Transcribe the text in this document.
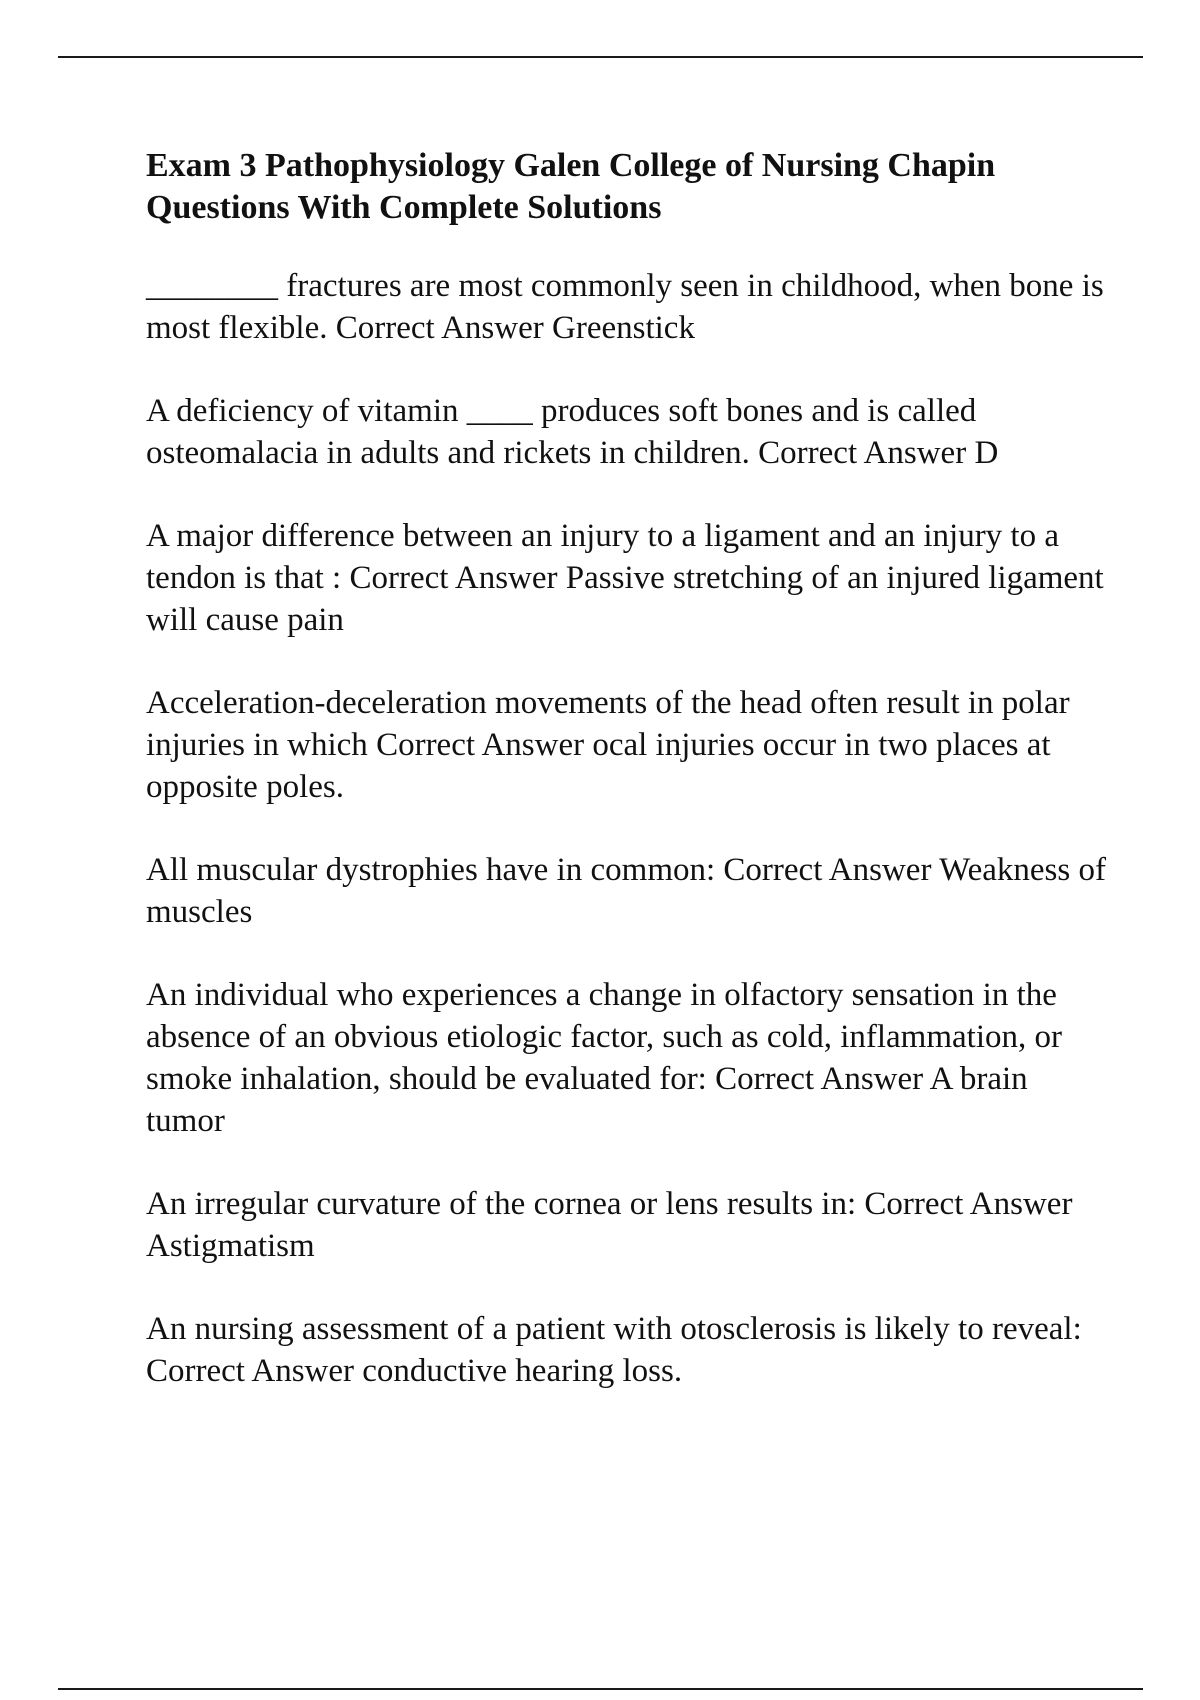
Exam 3 Pathophysiology Galen College of Nursing Chapin Questions With Complete Solutions
________ fractures are most commonly seen in childhood, when bone is most flexible. Correct Answer Greenstick
A deficiency of vitamin ____ produces soft bones and is called osteomalacia in adults and rickets in children. Correct Answer D
A major difference between an injury to a ligament and an injury to a tendon is that : Correct Answer Passive stretching of an injured ligament will cause pain
Acceleration-deceleration movements of the head often result in polar injuries in which Correct Answer ocal injuries occur in two places at opposite poles.
All muscular dystrophies have in common: Correct Answer Weakness of muscles
An individual who experiences a change in olfactory sensation in the absence of an obvious etiologic factor, such as cold, inflammation, or smoke inhalation, should be evaluated for: Correct Answer A brain tumor
An irregular curvature of the cornea or lens results in: Correct Answer Astigmatism
An nursing assessment of a patient with otosclerosis is likely to reveal: Correct Answer conductive hearing loss.
